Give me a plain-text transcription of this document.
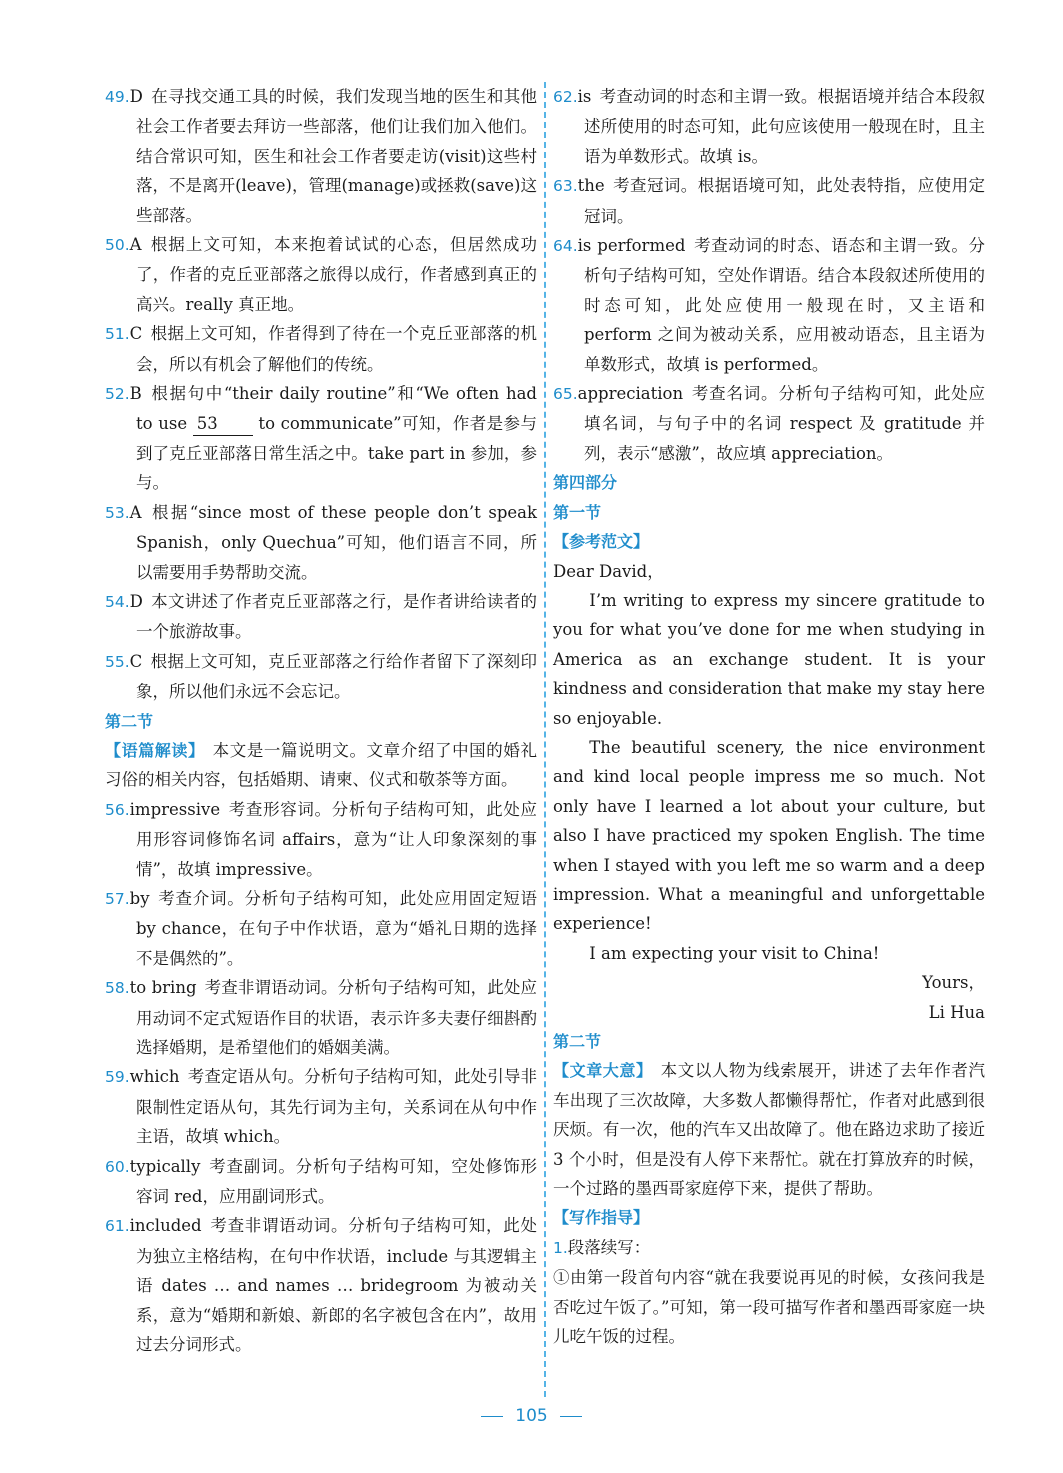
49.D 在寻找交通工具的时候，我们发现当地的医生和其他社会工作者要去拜访一些部落，他们让我们加入他们。结合常识可知，医生和社会工作者要走访(visit)这些村落，不是离开(leave)，管理(manage)或拯救(save)这些部落。
50.A 根据上文可知，本来抱着试试的心态，但居然成功了，作者的克丘亚部落之旅得以成行，作者感到真正的高兴。really 真正地。
51.C 根据上文可知，作者得到了待在一个克丘亚部落的机会，所以有机会了解他们的传统。
52.B 根据句中“their daily routine”和“We often had to use 53 to communicate”可知，作者是参与到了克丘亚部落日常生活之中。take part in 参加，参与。
53.A 根据“since most of these people don’t speak Spanish，only Quechua”可知，他们语言不同，所以需要用手势帮助交流。
54.D 本文讲述了作者克丘亚部落之行，是作者讲给读者的一个旅游故事。
55.C 根据上文可知，克丘亚部落之行给作者留下了深刻印象，所以他们永远不会忘记。
第二节
【语篇解读】 本文是一篇说明文。文章介绍了中国的婚礼习俗的相关内容，包括婚期、请柬、仪式和敬茶等方面。
56.impressive 考查形容词。分析句子结构可知，此处应用形容词修饰名词 affairs，意为“让人印象深刻的事情”，故填 impressive。
57.by 考查介词。分析句子结构可知，此处应用固定短语 by chance，在句子中作状语，意为“婚礼日期的选择不是偶然的”。
58.to bring 考查非谓语动词。分析句子结构可知，此处应用动词不定式短语作目的状语，表示许多夫妻仔细斟酌选择婚期，是希望他们的婚姻美满。
59.which 考查定语从句。分析句子结构可知，此处引导非限制性定语从句，其先行词为主句，关系词在从句中作主语，故填 which。
60.typically 考查副词。分析句子结构可知，空处修饰形容词 red，应用副词形式。
61.included 考查非谓语动词。分析句子结构可知，此处为独立主格结构，在句中作状语，include 与其逻辑主语 dates … and names … bridegroom 为被动关系，意为“婚期和新娘、新郎的名字被包含在内”，故用过去分词形式。
62.is 考查动词的时态和主谓一致。根据语境并结合本段叙述所使用的时态可知，此句应该使用一般现在时，且主语为单数形式。故填 is。
63.the 考查冠词。根据语境可知，此处表特指，应使用定冠词。
64.is performed 考查动词的时态、语态和主谓一致。分析句子结构可知，空处作谓语。结合本段叙述所使用的时态可知，此处应使用一般现在时，又主语和 perform 之间为被动关系，应用被动语态，且主语为单数形式，故填 is performed。
65.appreciation 考查名词。分析句子结构可知，此处应填名词，与句子中的名词 respect 及 gratitude 并列，表示“感激”，故应填 appreciation。
第四部分
第一节
【参考范文】
Dear David，
I’m writing to express my sincere gratitude to you for what you’ve done for me when studying in America as an exchange student. It is your kindness and consideration that make my stay here so enjoyable.
The beautiful scenery, the nice environment and kind local people impress me so much. Not only have I learned a lot about your culture, but also I have practiced my spoken English. The time when I stayed with you left me so warm and a deep impression. What a meaningful and unforgettable experience!
I am expecting your visit to China!
Yours，
Li Hua
第二节
【文章大意】 本文以人物为线索展开，讲述了去年作者汽车出现了三次故障，大多数人都懒得帮忙，作者对此感到很厌烦。有一次，他的汽车又出故障了。他在路边求助了接近 3 个小时，但是没有人停下来帮忙。就在打算放弃的时候，一个过路的墨西哥家庭停下来，提供了帮助。
【写作指导】
1.段落续写：
①由第一段首句内容“就在我要说再见的时候，女孩问我是否吃过午饭了。”可知，第一段可描写作者和墨西哥家庭一块儿吃午饭的过程。
105
